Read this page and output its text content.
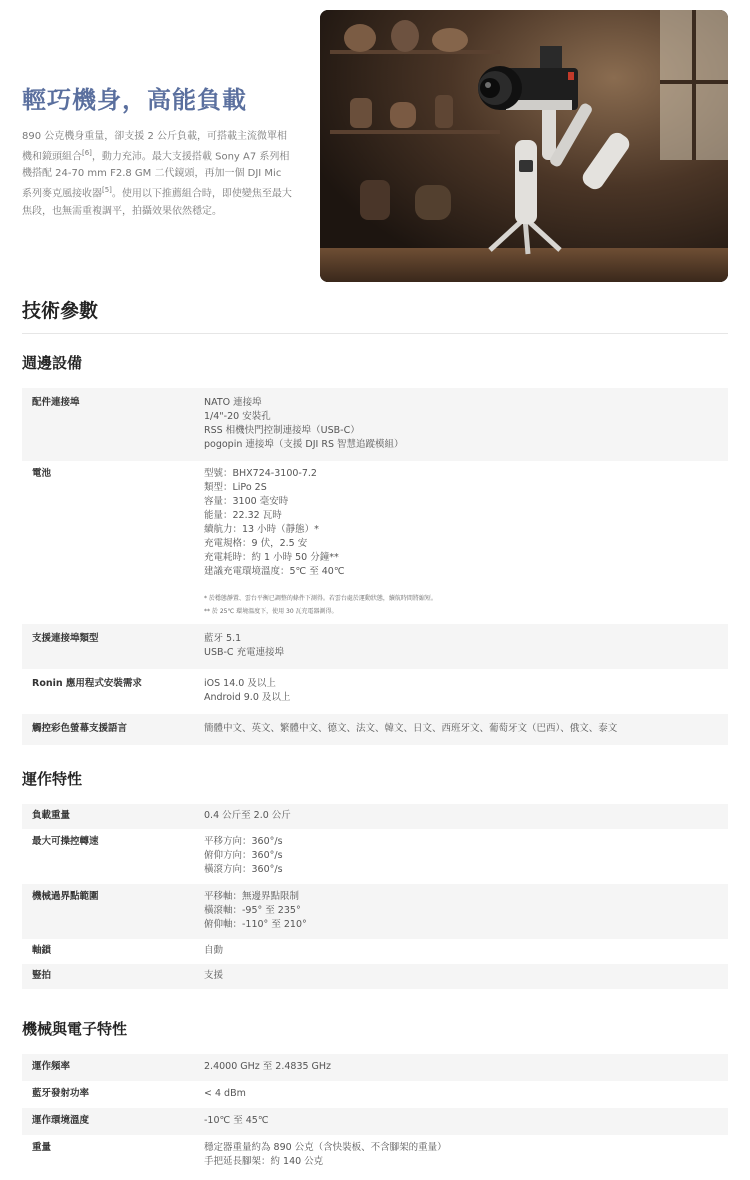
輕巧機身，高能負載

890 公克機身重量，卻支援 2 公斤負載，可搭載主流微單相機和鏡頭組合[6]，動力充沛。最大支援搭載 Sony A7 系列相機搭配 24-70 mm F2.8 GM 二代鏡頭，再加一個 DJI Mic 系列麥克風接收器[5]。使用以下推薦組合時，即使變焦至最大焦段，也無需重複調平，拍攝效果依然穩定。

技術參數
週邊設備
配件連接埠	NATO 連接埠
1/4"-20 安裝孔
RSS 相機快門控制連接埠（USB-C）
pogopin 連接埠（支援 DJI RS 智慧追蹤模組）
電池	型號：BHX724-3100-7.2
類型：LiPo 2S
容量：3100 毫安時
能量：22.32 瓦時
續航力：13 小時（靜態）*
充電規格：9 伏，2.5 安
充電耗時：約 1 小時 50 分鐘**
建議充電環境溫度：5℃ 至 40℃
* 於穩態靜置、雲台平衡已調整的條件下測得。若雲台處於運動狀態，續航時間將縮短。
** 於 25℃ 環境溫度下，使用 30 瓦充電器測得。
支援連接埠類型	藍牙 5.1
USB-C 充電連接埠
Ronin 應用程式安裝需求	iOS 14.0 及以上
Android 9.0 及以上
觸控彩色螢幕支援語言	簡體中文、英文、繁體中文、德文、法文、韓文、日文、西班牙文、葡萄牙文（巴西）、俄文、泰文
運作特性
負載重量	0.4 公斤至 2.0 公斤
最大可操控轉速	平移方向：360°/s
俯仰方向：360°/s
橫滾方向：360°/s
機械過界點範圍	平移軸：無邊界點限制
橫滾軸：-95° 至 235°
俯仰軸：-110° 至 210°
軸鎖	自動
豎拍	支援
機械與電子特性
運作頻率	2.4000 GHz 至 2.4835 GHz
藍牙發射功率	< 4 dBm
運作環境溫度	-10℃ 至 45℃
重量	穩定器重量約為 890 公克（含快裝板、不含腳架的重量）
手把延長腳架：約 140 公克
